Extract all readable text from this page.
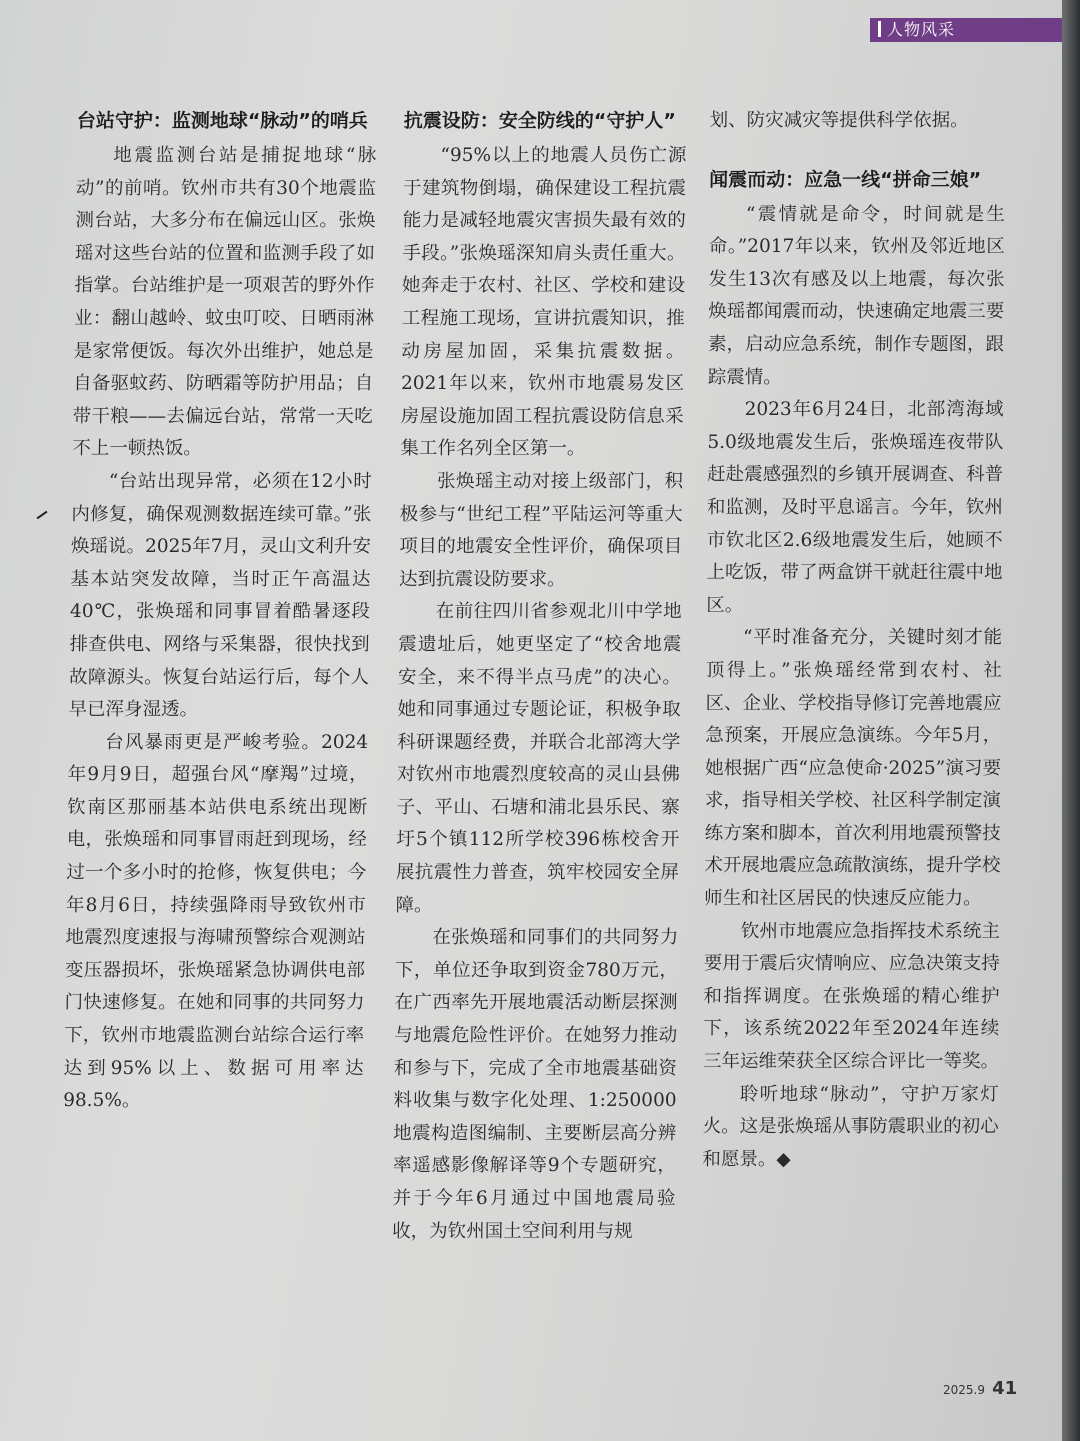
人物风采
台站守护：监测地球“脉动”的哨兵

地震监测台站是捕捉地球“脉动”的前哨。钦州市共有30个地震监测台站，大多分布在偏远山区。张焕瑶对这些台站的位置和监测手段了如指掌。台站维护是一项艰苦的野外作业：翻山越岭、蚊虫叮咬、日晒雨淋是家常便饭。每次外出维护，她总是自备驱蚊药、防晒霜等防护用品；自带干粮——去偏远台站，常常一天吃不上一顿热饭。

“台站出现异常，必须在12小时内修复，确保观测数据连续可靠。”张焕瑶说。2025年7月，灵山文利升安基本站突发故障，当时正午高温达40℃，张焕瑶和同事冒着酷暑逐段排查供电、网络与采集器，很快找到故障源头。恢复台站运行后，每个人早已浑身湿透。

台风暴雨更是严峻考验。2024年9月9日，超强台风“摩羯”过境，钦南区那丽基本站供电系统出现断电，张焕瑶和同事冒雨赶到现场，经过一个多小时的抢修，恢复供电；今年8月6日，持续强降雨导致钦州市地震烈度速报与海啸预警综合观测站变压器损坏，张焕瑶紧急协调供电部门快速修复。在她和同事的共同努力下，钦州市地震监测台站综合运行率达到95%以上、数据可用率达98.5%。

抗震设防：安全防线的“守护人”

“95%以上的地震人员伤亡源于建筑物倒塌，确保建设工程抗震能力是减轻地震灾害损失最有效的手段。”张焕瑶深知肩头责任重大。她奔走于农村、社区、学校和建设工程施工现场，宣讲抗震知识，推动房屋加固，采集抗震数据。2021年以来，钦州市地震易发区房屋设施加固工程抗震设防信息采集工作名列全区第一。

张焕瑶主动对接上级部门，积极参与“世纪工程”平陆运河等重大项目的地震安全性评价，确保项目达到抗震设防要求。

在前往四川省参观北川中学地震遗址后，她更坚定了“校舍地震安全，来不得半点马虎”的决心。她和同事通过专题论证，积极争取科研课题经费，并联合北部湾大学对钦州市地震烈度较高的灵山县佛子、平山、石塘和浦北县乐民、寨圩5个镇112所学校396栋校舍开展抗震性力普查，筑牢校园安全屏障。

在张焕瑶和同事们的共同努力下，单位还争取到资金780万元，在广西率先开展地震活动断层探测与地震危险性评价。在她努力推动和参与下，完成了全市地震基础资料收集与数字化处理、1:250000地震构造图编制、主要断层高分辨率遥感影像解译等9个专题研究，并于今年6月通过中国地震局验收，为钦州国土空间利用与规

划、防灾减灾等提供科学依据。

闻震而动：应急一线“拼命三娘”

“震情就是命令，时间就是生命。”2017年以来，钦州及邻近地区发生13次有感及以上地震，每次张焕瑶都闻震而动，快速确定地震三要素，启动应急系统，制作专题图，跟踪震情。

2023年6月24日，北部湾海域5.0级地震发生后，张焕瑶连夜带队赶赴震感强烈的乡镇开展调查、科普和监测，及时平息谣言。今年，钦州市钦北区2.6级地震发生后，她顾不上吃饭，带了两盒饼干就赶往震中地区。

“平时准备充分，关键时刻才能顶得上。”张焕瑶经常到农村、社区、企业、学校指导修订完善地震应急预案，开展应急演练。今年5月，她根据广西“应急使命·2025”演习要求，指导相关学校、社区科学制定演练方案和脚本，首次利用地震预警技术开展地震应急疏散演练，提升学校师生和社区居民的快速反应能力。

钦州市地震应急指挥技术系统主要用于震后灾情响应、应急决策支持和指挥调度。在张焕瑶的精心维护下，该系统2022年至2024年连续三年运维荣获全区综合评比一等奖。

聆听地球“脉动”，守护万家灯火。这是张焕瑶从事防震职业的初心和愿景。◆

2025.9 41
